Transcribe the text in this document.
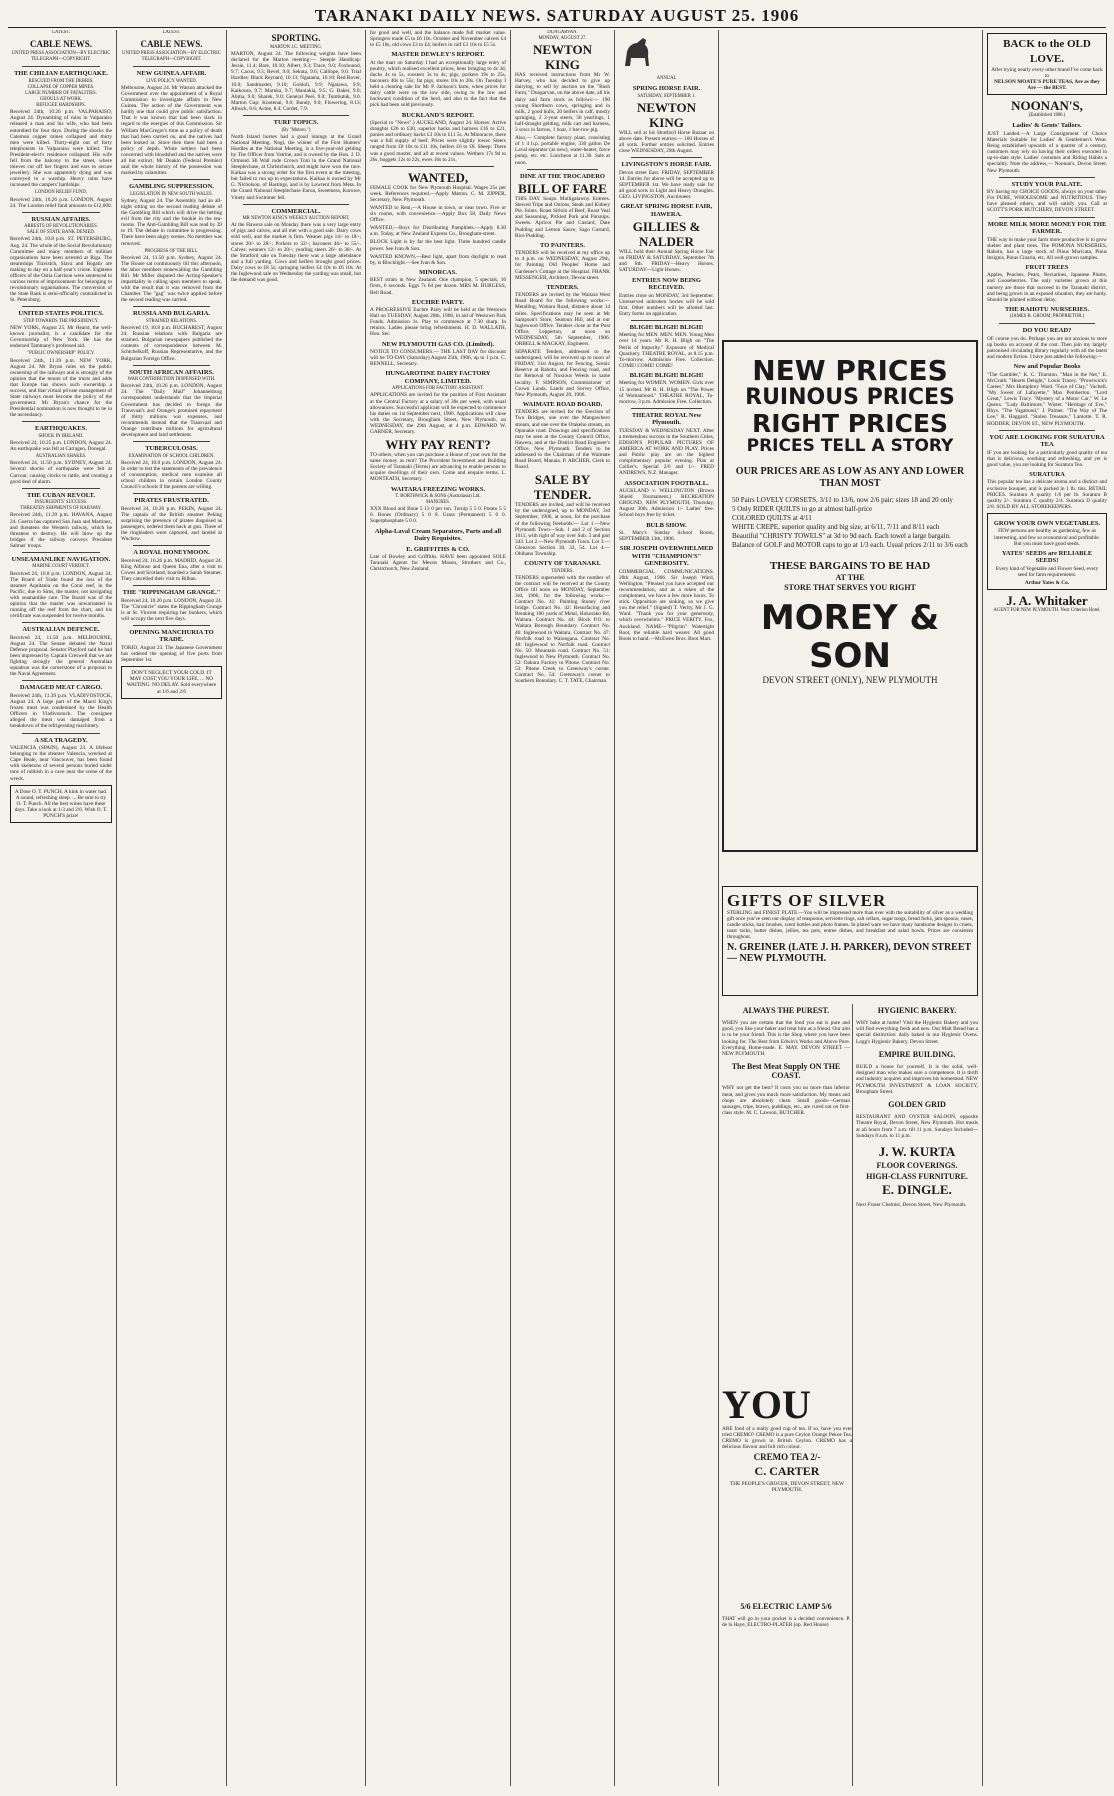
TARANAKI DAILY NEWS. SATURDAY AUGUST 25. 1906
LATEST.
CABLE NEWS.
UNITED PRESS ASSOCIATION—BY ELECTRIC TELEGRAPH—COPYRIGHT.
THE CHILIAN EARTHQUAKE.
RESCUED FROM THE DEBRIS.
COLLAPSE OF COPPER MINES.
LARGE NUMBER OF FATALITIES.
GHOULS AT WORK.
REFUGEE HARDSHIPS.

Received 24th, 10.26 p.m. VALPARAISO, August 24. Dynamiting of ruins in Valparaiso released a man and his wife, who had been entombed for four days. During the shocks the Catemon copper mines collapsed and thirty men were killed. Thirty-eight out of forty telephonists in Valparaiso were killed. The President-elect's residence collapsed. His wife fell from the balcony to the street, where thieves cut off her fingers and ears to secure jewellery. She was apparently dying and was conveyed to a warship. Heavy rains have increased the campers' hardships.

LONDON RELIEF FUND.

Received 24th, 10.26 p.m. LONDON, August 24. The London relief fund amounts to £12,000.

RUSSIAN AFFAIRS.
ARRESTS OF REVOLUTIONARIES.
SALE OF STATE BANK DENIED.

Received 24th, 10.8 p.m. ST. PETERSBURG, Aug. 24. The whole of the Social Revolutionary Committee and many members of militant organisations have been arrested at Riga. The steamships Travistch, Slava and Bogatir are making to day on a half-year's cruise. Eighteen officers of the Ostia Garrison were sentenced to various terms of imprisonment for belonging to revolutionary organisations. The conversion of the State Bank is semi-officially contradicted in St. Petersburg.

UNITED STATES POLITICS.
STEP TOWARDS THE PRESIDENCY.

NEW YORK, August 25. Mr Hearst, the well-known journalist, is a candidate for the Governorship of New York. He has the endorsed Tammany's professed aid.

"PUBLIC OWNERSHIP" POLICY.

Received 24th, 11.39 p.m. NEW YORK, August 24. Mr Bryan rules on the public ownership of the railways and is strongly of the opinion that the tenure of the trusts and adds that Europe has shown such ownership a success, and that virtual private management of State railways must become the policy of the government. Mr Bryan's chance for the Presidential nomination is now thought to be in the ascendancy.

EARTHQUAKES.
SHOCK IN IRELAND.

Received 24, 10.25 p.m. LONDON, August 24. An earthquake was felt at Carragen, Donegal.

AUSTRALIAN SHAKES.

Received 24, 11.50 p.m. SYDNEY, August 24. Several shocks of earthquake were felt at Carcoar, causing clocks to rattle, and creating a good deal of alarm.

THE CUBAN REVOLT.
INSURGENTS' SUCCESS.
THREATEN SHIPMENTS OF RAILWAY.

Received 24th, 11.39 p.m. HAVANA, August 24. Guerra has captured San Juan and Martinez, and threatens the Western railway, which he threatens to destroy. He will blow up the bridges if the railway conveys President Salmas' troops.

UNSEAMANLIKE NAVIGATION.
MARINE COURT VERDICT.

Received 24, 10.8 p.m. LONDON, August 24. The Board of Trade found the loss of the steamer Aquitania on the Coral reef, in the Pacific, due to Sims, the master, not navigating with seamanlike care. The Board was of the opinion that the master was unwarranted in running off the reef from the chart, and his certificate was suspended for twelve months.

AUSTRALIAN DEFENCE.

Received 24, 11.50 p.m. MELBOURNE, August 24. The Senate debated the Naval Defence proposal. Senator Playford said he had been impressed by Captain Creswell that we are fighting strongly the general Australian squadron was the cornerstone of a proposal to the Naval Agreement.

DAMAGED MEAT CARGO.

Received 24th, 11.39 p.m. VLADIVOSTOCK, August 24. A large part of the Maori King's frozen meat was condemned by the Health Officers in Vladivostock. The consignee alleged the meat was damaged from a breakdown of the refrigerating machinery.

A SEA TRAGEDY.

VALENCIA (SPAIN), August 23. A lifeboat belonging to the steamer Valencia, wrecked at Cape Beale, near Vancouver, has been found with skeletons of several persons buried under tons of rubbish in a cave near the scene of the wreck.

A Dose O. T. PUNCH. A kink in water had. A sound, refreshing sleep. ... Be sure to try O. T. Punch. All the best wines have these days. Take a look at 1/3 and 2/6. Wish O. T. PUNCH'S prize!
LATEST.
CABLE NEWS.
UNITED PRESS ASSOCIATION—BY ELECTRIC TELEGRAPH—COPYRIGHT.
NEW GUINEA AFFAIR.
LIVE POLICY WANTED.

Melbourne, August 24. Mr Watson attacked the Government over the appointment of a Royal Commission to investigate affairs in New Guinea. The action of the Government was hardly one that could give public satisfaction. That it was known that had been slack in regard to the energies of this Commission. Sir William MacGregor's time as a policy of death that had been carried on, and the natives had been looked at. Since then there had been a policy of depth. White settlers had been concerned with bloodshed and the natives were all but extinct. Mr Deakin (Federal Premier) said the whole history of the possession was marked by calamities.

GAMBLING SUPPRESSION.
LEGISLATION IN NEW SOUTH WALES.

Sydney, August 24. The Assembly had an all-night sitting on the second reading debate of the Gambling Bill which will drive the betting evil from the city and the bookie in the tea-rooms. The Anti-Gambling Bill was read by 39 to 19. The debate in committee is progressing. There have been angry scenes. No member was removed.

PROGRESS OF THE BILL.

Received 24, 11.50 p.m. Sydney, August 24. The House sat continuously till this afternoon, the labor members stonewalling the Gambling Bill. Mr Miller disputed the Acting-Speaker's impartiality in calling upon members to speak, with the result that it was removed from the Chamber. The "gag" was twice applied before the second reading was carried.

RUSSIA AND BULGARIA.
STRAINED RELATIONS.

Received 19, 10.8 p.m. BUCHAREST, August 24. Russian relations with Bulgaria are strained. Bulgarian newspapers published the contents of correspondence between M. Schtchelkoff, Russian Representative, and the Bulgarian Foreign Office.

SOUTH AFRICAN AFFAIRS.
WAR CONTRIBUTION DISPENSED WITH.

Received 24th, 10.26 p.m. LONDON, August 24. The "Daily Mail" Johannesburg correspondent understands that the Imperial Government has decided to forego the Transvaal's and Orange's promised repayment of thirty millions war expenses, and recommends instead that the Transvaal and Orange contribute millions for agricultural development and land settlement.

TUBERCULOSIS.
EXAMINATION OF SCHOOL CHILDREN.

Received 24, 10.8 p.m. LONDON, August 24. In order to test the statements of the prevalence of consumption, medical men examine all school children in certain London County Council's schools if the parents are willing.

PIRATES FRUSTRATED.

Received 24, 10.26 p.m. PEKIN, August 24. The captain of the British steamer Peking surprising the presence of pirates disguised as passengers, ordered them back at gun. Three of the ringleaders were captured, and landed at Wuchow.

A ROYAL HONEYMOON.

Received 24, 10.26 p.m. MADRID, August 24. King Alfonso and Queen Ena, after a visit to Cowes and Scotland, boarded a Sarah Steamer. They cancelled their visit to Bilbao.

THE "RIPPINGHAM GRANGE."

Received 24, 10.26 p.m. LONDON, August 24. The "Chronicle" states the Rippingham Grange is at St. Vincent requiring her bunkers, which will occupy the next five days.

OPENING MANCHURIA TO TRADE.

TOKIO, August 23. The Japanese Government has ordered the opening of five ports from September 1st.

DON'T NEGLECT YOUR COLD. IT MAY COST YOU YOUR LIFE. ... NO WAITING. NO DELAY. Sold everywhere at 1/6 and 2/6
SPORTING.
MARTON J.C. MEETING.

MARTON, August 24. The following weights have been declared for the Marton meeting:— Steeple Handicap: Jessie, 11.4; Bare, 10.10; Albert, 9.3; Trace, 9.0; Foxhound, 9.7; Cacus, 9.3; Revel, 9.0; Sekuta, 9.6; Calliope, 9.0. Trial Hurdles: Black Reynard, 10.13; Ngatama, 10.10; Red Rover, 10.0; Sandmaster, 9.10; Goldoli, 9.9; Ngaiawa, 9.9; Kaikoura, 9.7; Maruka, 9.7; Maniakia, 9.5; G. Baker, 9.0; Abitia, 9.0; Sharek, 9.0; General Peel, 9.0; Tumbutuk, 9.0. Marton Cup: Kootenai, 9.0; Bandy, 9.0; Flowerlog, 8.13; Albuck, 8.6; Acme, 8.4; Cordet, 7.9.

TURF TOPICS.
(By "Motoro.")

North Island horses had a good innings at the Grand National Meeting. Nogi, the winner of the First Hunters' Hurdles at the National Meeting, is a five-year-old gelding by The Officer from Vatrine, and is owned by the Hon. J. D. Ormond. Hi Wall rode Crown Tom in the Grand National Steeplechase, at Christchurch, and might have won the race. Kaikaa was a strong order for the first event at the meeting, but failed to run up to expectations. Kaikaa is owned by Mr G. Nicholson, of Hastings, and is by Lowrent from Meta. In the Grand National Steeplechase Euroa, Sweetness, Kuruwe, Vinety and Swimmer fell.

COMMERCIAL.
MR NEWTON KING'S WEEKLY AUCTION REPORT.

At the Hawera sale on Monday there was a very large entry of pigs and calves, and all met with a good sale. Dairy cows sold well, and the market is firm. Weaner pigs 14/- to 18/-; stores 20/- to 28/-; Porkers to 32/-; baconers 46/- to 55/-. Calves: weaners 12/- to 20/-; yearling steers 26/- to 38/-. At the Stratford sale on Tuesday there was a large attendance and a full yarding. Cows and heifers brought good prices. Dairy cows to £8 5s; springing heifers £4 10s to £6 10s. At the Inglewood sale on Wednesday the yarding was small, but the demand was good.

for good and well, and the balance made full market value. Springers made £5 to £6 10s. October and November calvers £4 to £5 10s, old cows £3 to £4, heifers in calf £3 10s to £5 5s.

MASTER DEWLEY'S REPORT.

At the mart on Saturday I had an exceptionally large entry of poultry, which realised excellent prices, hens bringing to 4s 3d, ducks 4s to 5s, roosters 3s to 4s; pigs, porkers 19s to 25s, baconers 40s to 55s; fat pigs, stores 10s to 20s. On Tuesday I held a clearing sale for Mr P. Jackson's farm, when prices for dairy cattle were on the low side, owing to the low and backward condition of the herd, and also to the fact that the pick had been sold previously.

BUCKLAND'S REPORT.

(Special to "News".) AUCKLAND, August 24. Horses: Active draughts £26 to £30, superior hacks and harness £16 to £21, ponies and ordinary hacks £3 10s to £11 5s. At Minoracre, there was a full supply of beef. Prices were slightly lower. Steers ranged from £8 10s to £11 10s, heifers £6 to £8. Sheep: There was a good muster, and all at recent values. Wethers 17s 9d to 26s, hoggets 12s to 22s, ewes 16s to 21s.

WANTED,

FEMALE COOK for New Plymouth Hospital. Wages 25s per week. References required.—Apply Matron. C. M. ZIPPER, Secretary, New Plymouth.

WANTED to Rent,—A House in town, or near town. Five or six rooms, with convenience.—Apply Box 58, Daily News Office.

WANTED,—Boys for Distributing Pamphlets.—Apply 8.30 a.m. Today, at New Zealand Express Co., Brougham-street.

BLOCK Light is by far the best light. Three hundred candle power. See Ivan & Son.

WANTED KNOWN,—Best light, apart from daylight to read by, is Blocklight.—See Ivan & Son.

MINORCAS.

BEST strain in New Zealand. One champion, 5 specials, 16 firsts, 6 seconds. Eggs 7s 6d per dozen. MRS M. BURGESS, Bell Road.

EUCHRE PARTY.

A PROGRESSIVE Euchre Party will be held at the Westown Hall on TUESDAY, August 28th, 1906, in aid of Westown Park Funds. Admission 1s. Play to commence at 7.30 sharp. In returns. Ladies please bring refreshments. H. D. WALLATH, Hon. Sec.

NEW PLYMOUTH GAS CO. (Limited).

NOTICE TO CONSUMERS.— THE LAST DAY for discount will be TO-DAY (Saturday) August 25th, 1906, up to 1 p.m. C. RENNELL, Secretary.

HUNGAROTINE DAIRY FACTORY COMPANY, LIMITED.
APPLICATIONS FOR FACTORY ASSISTANT.

APPLICATIONS are invited for the position of First Assistant at the Central Factory at a salary of 30s per week, with usual allowances. Successful applicant will be expected to commence his duties on 1st September next, 1906. Applications will close with the Secretary, Brougham Street, New Plymouth, on WEDNESDAY, the 29th August, at 4 p.m. EDWARD W. GARNER, Secretary.

WHY PAY RENT?

TO others, when you can purchase a House of your own for the same money as rent? The Provident Investment and Building Society of Taranaki (Terms) are advancing to enable persons to acquire dwellings of their own. Come and enquire terms. L. MONTEATH, Secretary.

WAITARA FREEZING WORKS.
T. BORTHWICK & SONS (Australasia) Ltd.
MANURES.

XXX Blood and Bone 5 13 0 per ton. Turnip 5 5 0. Potato 5 5 0. Bones (Ordinary) 5 0 0. Grass (Permanent) 5 0 0. Superphosphate 5 0 0.

Alpha-Laval Cream Separators, Parts and all Dairy Requisites.
E. GRIFFITHS & CO.

Late of Bowley and Griffiths. HAVE been appointed SOLE Taranaki Agents for Messrs Mason, Struthers and Co., Christchurch, New Zealand.

DUNGARVAN.
MONDAY, AUGUST 27.
NEWTON KING

HAS received instructions from Mr W. Harvey, who has decided to give up dairying, to sell by auction on the "Bush Farm," Dungarvan, on the above date, all his dairy and farm stock as follows:— 190 young Shorthorn cows, springing and in milk, 2 good bulls, 20 heifers in calf, mostly springing, 2 2-year steers, 30 yearlings, 1 half-draught gelding, milk cart and harness, 3 sows in farrow, 1 boar, 1 bar-row pig.

Also,— Complete factory plant, consisting of 1 4 h.p. portable engine, 330 gallon De Laval separator (as new), water-heater, force pump, etc. etc. Luncheon at 11.30. Sale at noon.

DINE AT THE TROCADERO
BILL OF FARE

THIS DAY. Soups. Mulligatawny. Entrees. Stewed Tripe and Onions, Steak and Kidney Pie. Joints. Roast Sirloin of Beef, Roast Veal and Seasoning, Pickled Pork and Parsnips. Sweets. Apricot Pie and Custard, Date Pudding and Lemon Sauce, Sago Custard, Rice Pudding.

TO PAINTERS.

TENDERS will be received at my office up to 4 p.m. on WEDNESDAY, August 29th, for Painting Old Peoples' Home and Gardener's Cottage at the Hospital. FRANK MESSENGER, Architect, Devon street.

TENDERS.

TENDERS are invited by the Waitara West Road Board for the following works:— Metalling, Waitara Road, distance about 14 miles. Specifications may be seen at Mr Sampson's Store, Seatoun Hill, and at our Inglewood Office. Tenders close at the Post Office, Lepperton, at noon on WEDNESDAY, 5th September, 1906. ORBELL & MACKAY, Engineers.

SEPARATE Tenders, addressed to the undersigned, will be received up to noon of FRIDAY, 31st August, for Fencing, Scenic Reserve at Rahotu, and Fencing road, and for Removal of Noxious Weeds in same locality. F. SIMPSON, Commissioner of Crown Lands. Lands and Survey Office, New Plymouth, August 20, 1906.

WAIMATE ROAD BOARD.

TENDERS are invited for the Erection of Two Bridges, one over the Mangawhero stream, and one over the Otakeho stream, on Opunake road. Drawings and specifications may be seen at the County Council Office, Hawera, and at the District Road Engineer's Office, New Plymouth. Tenders to be addressed to the Chairman of the Waimate Road Board, Manaia. P. ARCHER, Clerk to Board.

SALE BY TENDER.

TENDERS are invited, and will be received by the undersigned, up to MONDAY, 3rd September, 1906, at noon, for the purchase of the following freeholds:— Lot 1.—New Plymouth Town—Sub. 1 and 2 of Section 1011, with right of way over Sub. 3 and part 343. Lot 2.—New Plymouth Town. Lot 3.—Glenavon Section 30, 33, 54. Lot 4.—Ohibano Township.

COUNTY OF TARANAKI.
TENDERS.

TENDERS superseded with the number of the contract will be received at the County Office till noon on MONDAY, September 3rd, 1906, for the following works:— Contract No. 41: Painting Stoney river bridge. Contract No. 42: Resurfacing and Breaking 100 yards of Metal, Hokorako Rd, Waitara. Contract No. 44: Block P.O. to Waitara Borough Boundary. Contract No. 46: Inglewood to Waitara. Contract No. 47: Norfolk road to Waiongana. Contract No. 48: Inglewood to Norfolk road. Contract No. 50: Mountain road. Contract No. 51: Inglewood to New Plymouth. Contract No. 52: Oakura Factory to Pitone. Contract No. 53: Pitone Creek to Greenway's corner. Contract No. 54: Greenway's corner to Southern Boundary. C. T. TATE, Chairman.

ANNUAL
SPRING HORSE FAIR.
SATURDAY, SEPTEMBER 1.
NEWTON KING

WILL sell at his Stratford Horse Bazaar on above date. Present entries:— 100 Horses of all sorts. Further entries solicited. Entries close WEDNESDAY, 29th August.

LIVINGSTON'S HORSE FAIR.

Devon street East. FRIDAY, SEPTEMBER 14. Entries for above will be accepted up to SEPTEMBER 1st. We have ready sale for all good sorts in Light and Heavy Draughts. GEO. LIVINGSTON, Auctioneer.

GREAT SPRING HORSE FAIR, HAWERA.
GILLIES & NALDER

WILL hold their Annual Spring Horse Fair on FRIDAY & SATURDAY, September 7th and 8th. FRIDAY—Heavy Horses. SATURDAY—Light Horses.

ENTRIES NOW BEING RECEIVED.

Entries close on MONDAY, 3rd September. Unreserved unbroken horses will be sold first. Other numbers will be allotted last. Entry forms on application.

BLIGH! BLIGH! BLIGH!

Meeting for MEN. MEN. MEN. Young Men over 14 years. Mr R. H. Bligh on "The Perils of Impurity." Exposure of Medical Quackery. THEATRE ROYAL, at 8.15 p.m. To-morrow. Admission Free. Collection. COME! COME! COME!

BLIGH! BLIGH! BLIGH!

Meeting for WOMEN. WOMEN. Girls over 15 invited. Mr R. H. Bligh on "The Power of Womanhood." THEATRE ROYAL, To-morrow, 3 p.m. Admission Free. Collection.

THEATRE ROYAL New Plymouth.

TUESDAY & WEDNESDAY NEXT. After a tremendous success in the Southern Cities, EDISON'S POPULAR PICTURES OF AMERICA AT WORK AND PLAY. Prices and Public play are on the highest complimentary popular evening. Plan at Collier's. Special 2/6 and 1/-. FRED ANDREWS, N.Z. Manager.

ASSOCIATION FOOTBALL.

AUCKLAND v. WELLINGTON (Brown Shield Tournament.) RECREATION GROUND, NEW PLYMOUTH, Thursday, August 30th. Admission 1/- Ladies' free. School boys free by ticket.

BULB SHOW.

St. Mary's Sunday School Room, SEPTEMBER 13th, 1906.

SIR JOSEPH OVERWHELMED WITH "CHAMPION'S" GENEROSITY.

COMMERCIAL COMMUNICATIONS. 20th August, 1906. Sir Joseph Ward, Wellington. "Pleased you have accepted our recommendation, and as a token of the complement, we have a few more hours. To stick. Opposition are sinking, so we give you the relief." (Signed) T. Verity, Mr J. G. Ward. "Thank you for your generosity, which overwhelms." PRICE VERITY, Fox, Auckland. NAME—"Pilgrim" Watertight Boot, the reliable hard wearer. All good Boots to hand.—McEwen Bros. Boot Mart.

NEW PRICES
RUINOUS PRICES
RIGHT PRICES
PRICES TELL A STORY
OUR PRICES ARE AS LOW AS ANY AND LOWER THAN MOST
50 Pairs LOVELY CORSETS, 3/11 to 13/6, now 2/6 pair; sizes 18 and 20 only
5 Only RIDER QUILTS to go at almost half-price
COLORED QUILTS at 4/11
WHITE CREPE, superior quality and big size, at 6/11, 7/11 and 8/11 each
Beautiful "CHRISTY TOWELS" at 3d to 9d each. Each towel a large bargain.
Balance of GOLF and MOTOR caps to go at 1/3 each. Usual prices 2/11 to 3/6 each
THESE BARGAINS TO BE HAD
AT THE
STORE THAT SERVES YOU RIGHT
MOREY & SON
DEVON STREET (ONLY), NEW PLYMOUTH
GIFTS OF SILVER
STERLING and FINEST PLATE.—You will be impressed more than ever with the suitability of silver as a wedding gift once you've seen our display of teaspoons, serviette rings, salt cellars, sugar tongs, bread forks, jam spoons, vases, candle sticks, hair brushes, scent bottles and photo frames. In plated ware we have many handsome designs in cruets, toast racks, butter dishes, jellies, tea pots, entree dishes, and breakfast and salad bowls. Prices are consistent throughout.
N. GREINER (LATE J. H. PARKER), DEVON STREET — NEW PLYMOUTH.
ALWAYS THE PUREST.

WHEN you are certain that the food you eat is pure and good, you like your baker and treat him as a friend. Our aim is to be your friend. This is the Shop where you have been looking for. The Best from Edwin's Works and Above Pure. Everything Home-made. E. MAY. DEVON STREET — NEW PLYMOUTH.

The Best Meat Supply ON THE COAST.

WHY not get the best? It costs you no more than inferior meat, and gives you much more satisfaction. My meats and chops are absolutely clean. Small goods—German sausages, tripe, brawn, puddings, etc., are cured out on first-class style. M. C. Lawson, BUTCHER.

YOU
ARE fond of a really good cup of tea. If so, have you ever tried CREMO? CREMO is a pure Ceylon Orange Pekoe Tea. CREMO is grown in British Ceylon. CREMO has a delicious flavour and full rich colour.
CREMO TEA 2/-
C. CARTER
THE PEOPLE'S GROCER, DEVON STREET, NEW PLYMOUTH.
5/6 ELECTRIC LAMP 5/6

THAT will go in your pocket is a decided convenience. P. de la Haye, ELECTRO-PLATER (op. Red House)

HYGIENIC BAKERY.

WHY bake at home? Visit the Hygienic Bakery and you will find everything fresh and new. Our Malt Bread has a special distinction: daily baked in our Hygienic Ovens. Logg's Hygienic Bakery, Devon Street.

EMPIRE BUILDING.

BUILD a house for yourself. It is the solid, well-designed man who makes sure a competence. It is thrift and industry acquires and improves his homestead. NEW PLYMOUTH INVESTMENT & LOAN SOCIETY, Brougham Street.

GOLDEN GRID

RESTAURANT AND OYSTER SALOON, opposite Theatre Royal, Devon Street, New Plymouth. Hot meals at all hours from 7 a.m. till 11 p.m. Sundays Included—Sundays 8 a.m. to 11 p.m.

J. W. KURTA
FLOOR COVERINGS.
HIGH-CLASS FURNITURE.
E. DINGLE.

Next Fraser Chemist, Devon Street, New Plymouth.

BACK to the OLD LOVE.
After trying nearly every other brand I've come back to
NELSON MOATE'S PURE TEAS, Are as they Are — the BEST.
NOONAN'S,
(Established 1880.)
Ladies' & Gents' Tailors.

JUST Landed.—A Large Consignment of Choice Materials Suitable for Ladies' & Gentlemen's Wear. Being established upwards of a quarter of a century, customers may rely on having their orders executed in up-to-date style. Ladies' costumes and Riding Habits a speciality. Note the address,— Noonan's, Devon Street, New Plymouth.

STUDY YOUR PALATE.

BY having my CHOICE GOODS, always on your table. For PURE, WHOLESOME and NUTRITIOUS. They have pleased others, and will satisfy you. Call at SCOTT'S PORK BUTCHERY, DEVON STREET.

MORE MILK MORE MONEY FOR THE FARMER.

THE way to make your farm more productive is to grow shelter and plant trees. The POMONA NURSERIES, Rahotu, has a large stock of Pinus Muricata, Pinus Insignis, Pinus Cinaria, etc. All well-grown samples.

FRUIT TREES

Apples, Peaches, Pears, Nectarines, Japanese Plums, and Gooseberries. The only varieties grown at this nursery are those that succeed in the Taranaki district, and being grown in an exposed situation, they are hardy. Should be planted without delay.

THE RAHOTU NURSERIES.
(JAMES B. GROOM, PROPRIETOR.)
DO YOU READ?

OF course you do. Perhaps you are not anxious to store up books on account of the cost. Then join my largely patronised circulating library regularly with all the latest and modern fiction. I have just added the following:—

New and Popular Books

"The Gambler," K. C. Thurston. "Man in the Net," E. McGrath. "Hearts Delight," Louis Tracey. "Prowtwick's Career," Mrs Humphrey Ward. "Face of Clay," Vachell. "My Sweet of Lafayette," Max Pemberton. "Lord Great," Lewis Tracy. "Mystery of a Motor Car," W. Le Queux. "Lady Baltimore," Wister. "Heritage of Eve," Rhys. "The Vagabond," J. Palmer. "The Way of The Lee," R. Haggard. "Stolen Treasure," Lamotte. T. R. HODDER, DEVON ST., NEW PLYMOUTH.

YOU ARE LOOKING FOR SURATURA TEA

IF you are looking for a particularly good quality of tea that is delicious, soothing and refreshing, and yet is good value, you are looking for Suratura Tea.

SURATURA

This popular tea has a delicate aroma and a distinct and exclusive bouquet, and is packed in 1 lb. tins. RETAIL PRICES. Suratura A quality 1/6 per lb. Suratura B quality 2/-. Suratura C quality 2/4. Suratura D quality 2/8. SOLD BY ALL STOREKEEPERS.

GROW YOUR OWN VEGETABLES.

FEW persons are healthy as gardening, few as interesting, and few so economical and profitable. But you must have good seeds.

YATES' SEEDS are RELIABLE SEEDS!

Every kind of Vegetable and Flower Seed, every seed for farm requirements.

Arthur Yates & Co.
J. A. Whitaker
AGENT FOR NEW PLYMOUTH. Next Criterion Hotel.
